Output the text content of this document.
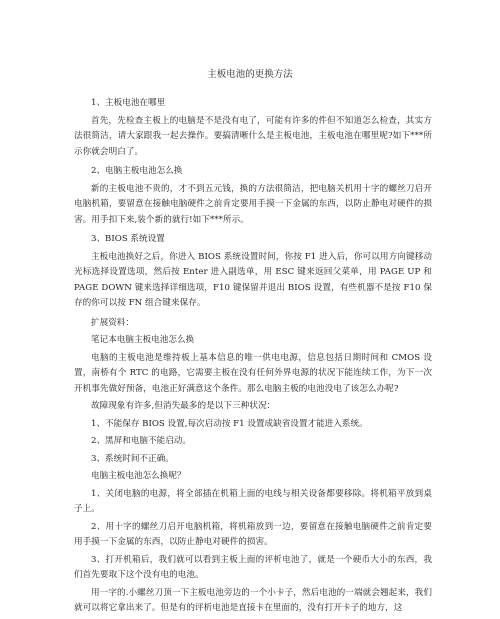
主板电池的更换方法
1、主板电池在哪里
首先，先检查主板上的电脑是不是没有电了，可能有许多的件但不知道怎么检查，其实方法很简洁，请大家跟我一起去操作。要搞清晰什么是主板电池，主板电池在哪里呢?如下***所示你就会明白了。
2、电脑主板电池怎么换
新的主板电池不贵的，才不到五元钱，换的方法很简洁，把电脑关机用十字的螺丝刀启开电脑机箱，要留意在接触电脑硬件之前肯定要用手摸一下金属的东西，以防止静电对硬件的损害。用手扣下来,装个新的就行!如下***所示。
3、BIOS 系统设置
主板电池换好之后，你进入 BIOS 系统设置时间，你按 F1 进入后，你可以用方向键移动光标选择设置选项，然后按 Enter 进入副选单，用 ESC 键来返回父菜单，用 PAGE UP 和 PAGE DOWN 键来选择详细选项，F10 键保留并退出 BIOS 设置，有些机器不是按 F10 保存的你可以按 FN 组合键来保存。
扩展资料：
笔记本电脑主板电池怎么换
电脑的主板电池是维持板上基本信息的唯一供电电源，信息包括日期时间和 CMOS 设置，南桥有个 RTC 的电路，它需要主板在没有任何外界电源的状况下能连续工作，为下一次开机事先做好预备，电池正好满意这个条件。那么电脑主板的电池没电了该怎么办呢?
故障现象有许多,但消失最多的是以下三种状况：
1、不能保存 BIOS 设置,每次启动按 F1 设置成缺省设置才能进入系统。
2、黑屏和电脑不能启动。
3、系统时间不正确。
电脑主板电池怎么换呢？
1、关闭电脑的电源，将全部插在机箱上面的电线与相关设备都要移除。将机箱平放到桌子上。
2、用十字的螺丝刀启开电脑机箱，将机箱放到一边，要留意在接触电脑硬件之前肯定要用手摸一下金属的东西，以防止静电对硬件的损害。
3、打开机箱后，我们就可以看到主板上面的评析电池了，就是一个硬币大小的东西，我们首先要取下这个没有电的电池。
用一字的.小螺丝刀顶一下主板电池旁边的一个小卡子，然后电池的一端就会翘起来，我们就可以将它拿出来了。但是有的评析电池是直接卡在里面的，没有打开卡子的地方，这
